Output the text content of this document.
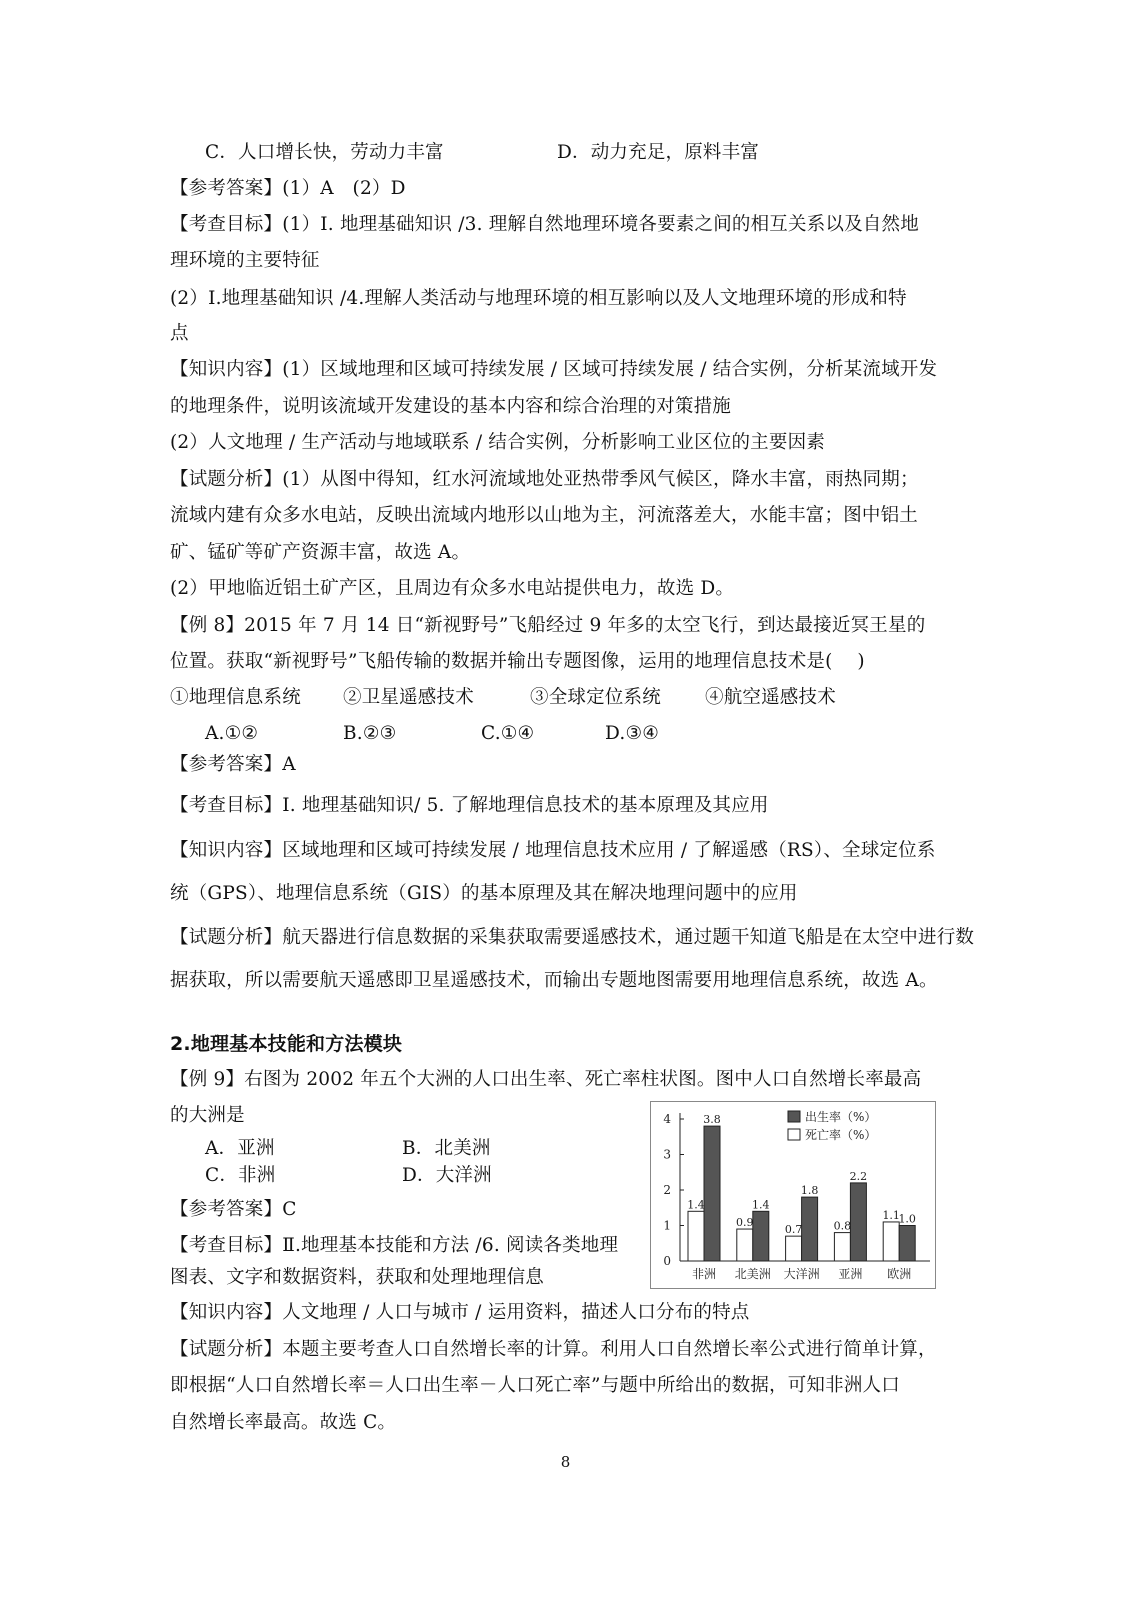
C．人口增长快，劳动力丰富	D．动力充足，原料丰富
【参考答案】(1）A　(2）D
【考查目标】(1）I. 地理基础知识 /3. 理解自然地理环境各要素之间的相互关系以及自然地
理环境的主要特征
(2）I.地理基础知识 /4.理解人类活动与地理环境的相互影响以及人文地理环境的形成和特
点
【知识内容】(1）区域地理和区域可持续发展 / 区域可持续发展 / 结合实例，分析某流域开发
的地理条件，说明该流域开发建设的基本内容和综合治理的对策措施
(2）人文地理 / 生产活动与地域联系 / 结合实例，分析影响工业区位的主要因素
【试题分析】(1）从图中得知，红水河流域地处亚热带季风气候区，降水丰富，雨热同期；
流域内建有众多水电站，反映出流域内地形以山地为主，河流落差大，水能丰富；图中铝土
矿、锰矿等矿产资源丰富，故选 A。
(2）甲地临近铝土矿产区，且周边有众多水电站提供电力，故选 D。
【例 8】2015 年 7 月 14 日“新视野号”飞船经过 9 年多的太空飞行，到达最接近冥王星的
位置。获取“新视野号”飞船传输的数据并输出专题图像，运用的地理信息技术是(　 )
①地理信息系统 ②卫星遥感技术	③全球定位系统 ④航空遥感技术
A.①②	B.②③	C.①④	D.③④
【参考答案】A
【考查目标】I. 地理基础知识/ 5. 了解地理信息技术的基本原理及其应用
【知识内容】区域地理和区域可持续发展 / 地理信息技术应用 / 了解遥感（RS）、全球定位系
统（GPS）、地理信息系统（GIS）的基本原理及其在解决地理问题中的应用
【试题分析】航天器进行信息数据的采集获取需要遥感技术，通过题干知道飞船是在太空中进行数
据获取，所以需要航天遥感即卫星遥感技术，而输出专题地图需要用地理信息系统，故选 A。
2.地理基本技能和方法模块
【例 9】右图为 2002 年五个大洲的人口出生率、死亡率柱状图。图中人口自然增长率最高
的大洲是
A．亚洲	B．北美洲
C．非洲	D．大洋洲
【参考答案】C
【考查目标】Ⅱ.地理基本技能和方法 /6. 阅读各类地理
图表、文字和数据资料，获取和处理地理信息
【知识内容】人文地理 / 人口与城市 / 运用资料，描述人口分布的特点
【试题分析】本题主要考查人口自然增长率的计算。利用人口自然增长率公式进行简单计算，
即根据“人口自然增长率＝人口出生率－人口死亡率”与题中所给出的数据，可知非洲人口
自然增长率最高。故选 C。
0
1
2
3
4
1.4
3.8
非洲
0.9
1.4
北美洲
0.7
1.8
大洋洲
0.8
2.2
亚洲
1.1
1.0
欧洲
出生率（%）
死亡率（%）
8
